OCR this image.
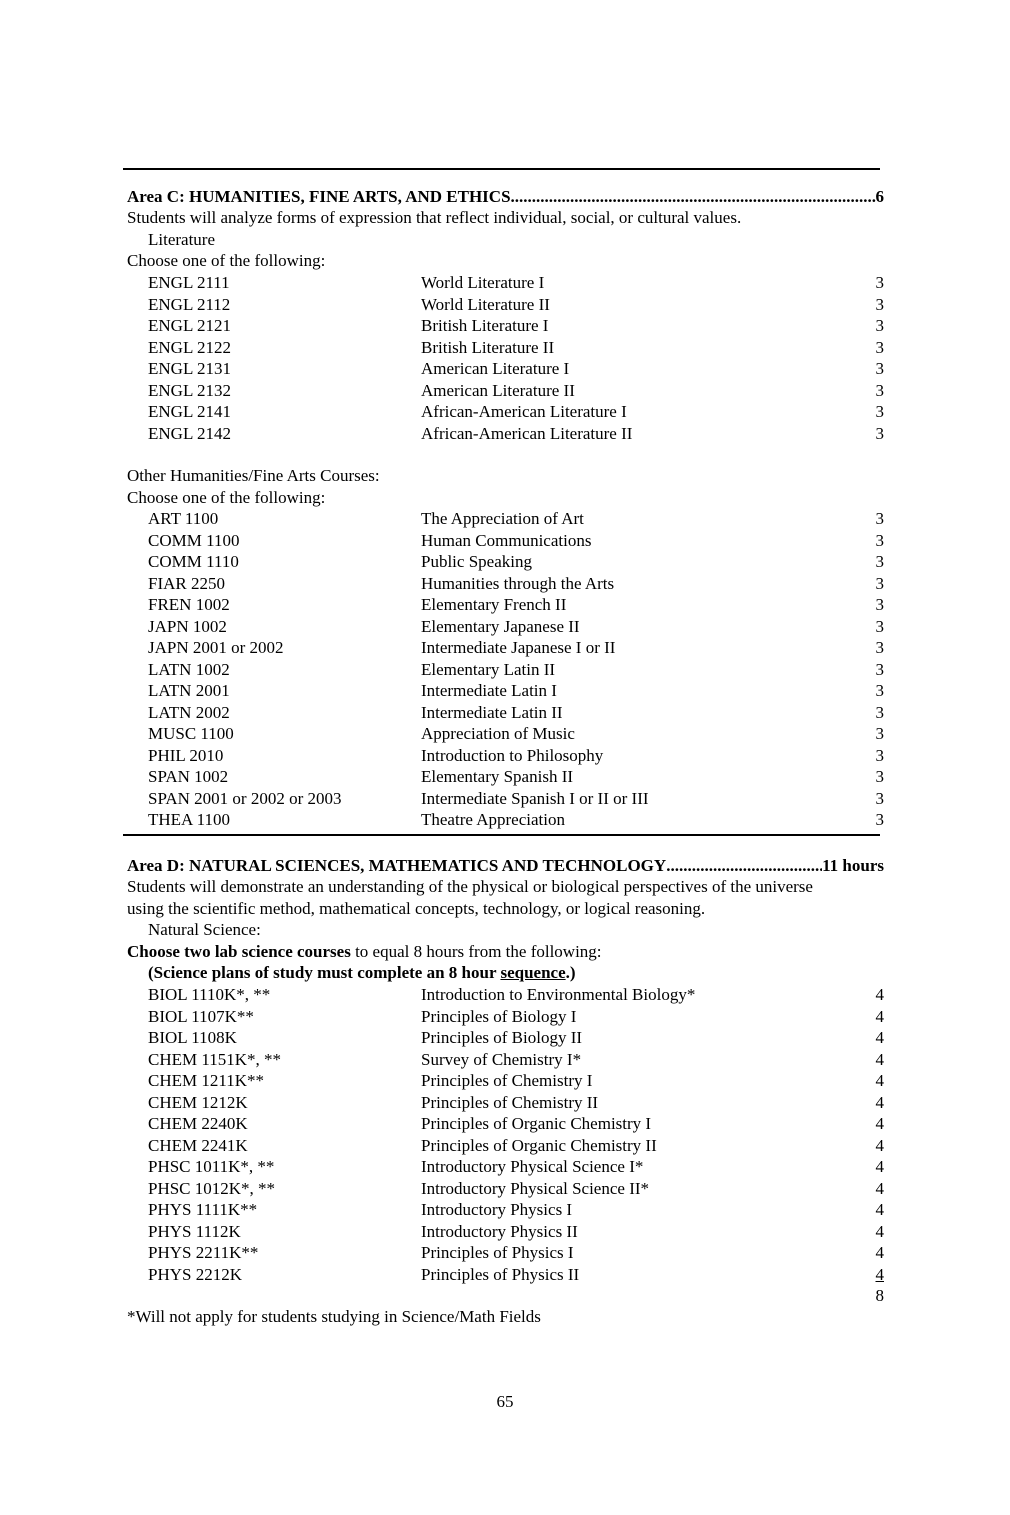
Area C: HUMANITIES, FINE ARTS, AND ETHICS .....	6
Students will analyze forms of expression that reflect individual, social, or cultural values.
Literature
Choose one of the following:
ENGL 2111	World Literature I	3
ENGL 2112	World Literature II	3
ENGL 2121	British Literature I	3
ENGL 2122	British Literature II	3
ENGL 2131	American Literature I	3
ENGL 2132	American Literature II	3
ENGL 2141	African-American Literature I	3
ENGL 2142	African-American Literature II	3
Other Humanities/Fine Arts Courses:
Choose one of the following:
ART 1100	The Appreciation of Art	3
COMM 1100	Human Communications	3
COMM 1110	Public Speaking	3
FIAR 2250	Humanities through the Arts	3
FREN 1002	Elementary French II	3
JAPN 1002	Elementary Japanese II	3
JAPN 2001 or 2002	Intermediate Japanese I or II	3
LATN 1002	Elementary Latin II	3
LATN 2001	Intermediate Latin I	3
LATN 2002	Intermediate Latin II	3
MUSC 1100	Appreciation of Music	3
PHIL 2010	Introduction to Philosophy	3
SPAN 1002	Elementary Spanish II	3
SPAN 2001 or 2002 or 2003	Intermediate Spanish I or II or III	3
THEA 1100	Theatre Appreciation	3
Area D: NATURAL SCIENCES, MATHEMATICS AND TECHNOLOGY .....	11 hours
Students will demonstrate an understanding of the physical or biological perspectives of the universe
using the scientific method, mathematical concepts, technology, or logical reasoning.
Natural Science:
Choose two lab science courses to equal 8 hours from the following:
(Science plans of study must complete an 8 hour sequence.)
BIOL 1110K*, **	Introduction to Environmental Biology*	4
BIOL 1107K**	Principles of Biology I	4
BIOL 1108K	Principles of Biology II	4
CHEM 1151K*, **	Survey of Chemistry I*	4
CHEM 1211K**	Principles of Chemistry I	4
CHEM 1212K	Principles of Chemistry II	4
CHEM 2240K	Principles of Organic Chemistry I	4
CHEM 2241K	Principles of Organic Chemistry II	4
PHSC 1011K*, **	Introductory Physical Science I*	4
PHSC 1012K*, **	Introductory Physical Science II*	4
PHYS 1111K**	Introductory Physics I	4
PHYS 1112K	Introductory Physics II	4
PHYS 2211K**	Principles of Physics I	4
PHYS 2212K	Principles of Physics II	4
8
*Will not apply for students studying in Science/Math Fields
65
